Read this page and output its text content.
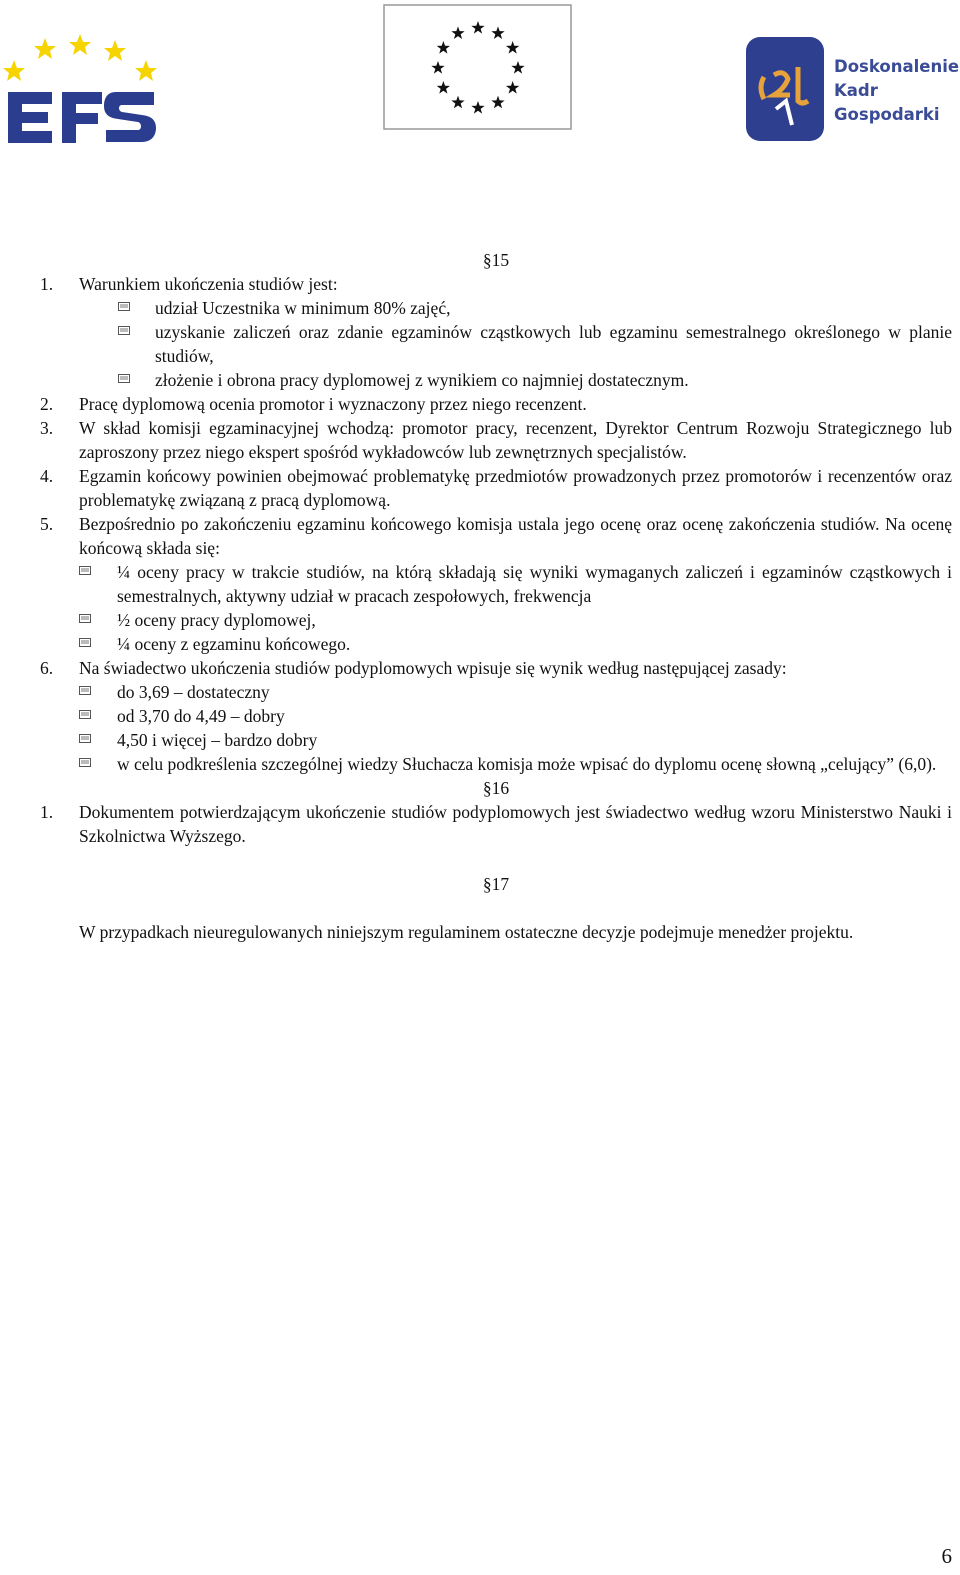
Doskonalenie
Kadr
Gospodarki
§15
1. Warunkiem ukończenia studiów jest:
udział Uczestnika w minimum 80% zajęć,
uzyskanie zaliczeń oraz zdanie egzaminów cząstkowych lub egzaminu semestralnego określonego w planie studiów,
złożenie i obrona pracy dyplomowej z wynikiem co najmniej dostatecznym.
2. Pracę dyplomową ocenia promotor i wyznaczony przez niego recenzent.
3. W skład komisji egzaminacyjnej wchodzą: promotor pracy, recenzent, Dyrektor Centrum Rozwoju Strategicznego lub zaproszony przez niego ekspert spośród wykładowców lub zewnętrznych specjalistów.
4. Egzamin końcowy powinien obejmować problematykę przedmiotów prowadzonych przez promotorów i recenzentów oraz problematykę związaną z pracą dyplomową.
5. Bezpośrednio po zakończeniu egzaminu końcowego komisja ustala jego ocenę oraz ocenę zakończenia studiów. Na ocenę końcową składa się:
¼ oceny pracy w trakcie studiów, na którą składają się wyniki wymaganych zaliczeń i egzaminów cząstkowych i semestralnych, aktywny udział w pracach zespołowych, frekwencja
½ oceny pracy dyplomowej,
¼ oceny z egzaminu końcowego.
6. Na świadectwo ukończenia studiów podyplomowych wpisuje się wynik według następującej zasady:
do 3,69 – dostateczny
od 3,70 do 4,49 – dobry
4,50 i więcej – bardzo dobry
w celu podkreślenia szczególnej wiedzy Słuchacza komisja może wpisać do dyplomu ocenę słowną „celujący” (6,0).
§16
1. Dokumentem potwierdzającym ukończenie studiów podyplomowych jest świadectwo według wzoru Ministerstwo Nauki i Szkolnictwa Wyższego.
§17
W przypadkach nieuregulowanych niniejszym regulaminem ostateczne decyzje podejmuje menedżer projektu.
6
